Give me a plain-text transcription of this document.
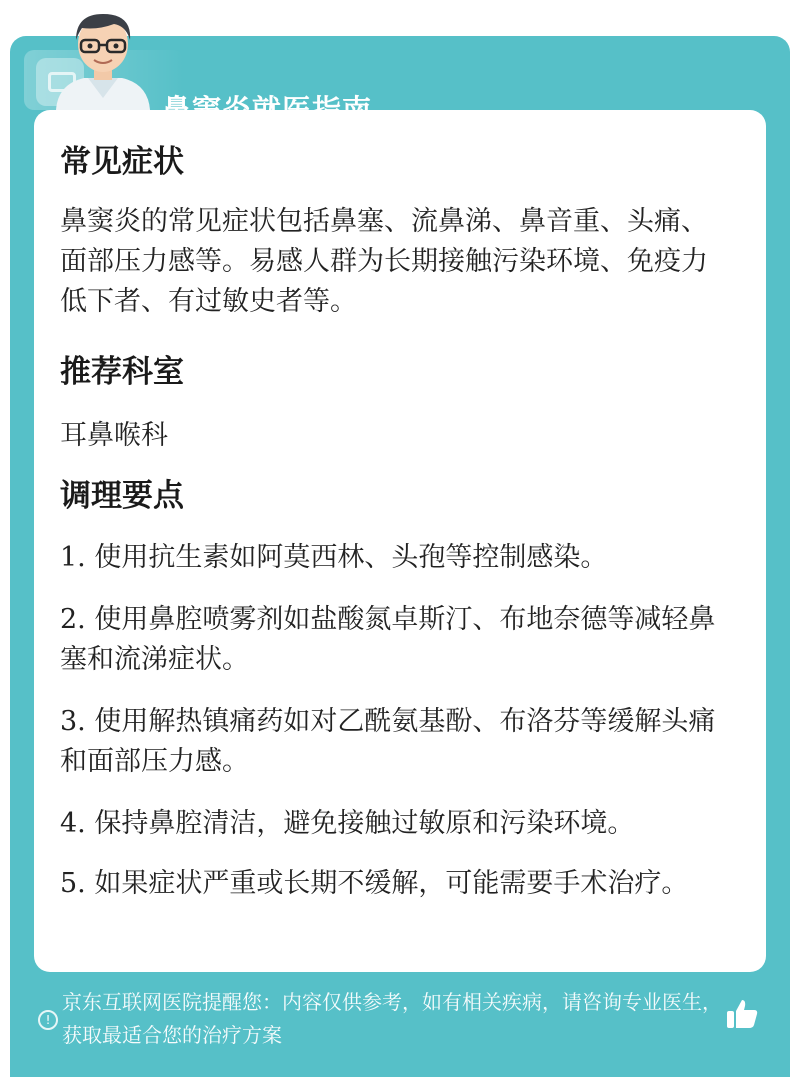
常见症状

鼻窦炎的常见症状包括鼻塞、流鼻涕、鼻音重、头痛、面部压力感等。易感人群为长期接触污染环境、免疫力低下者、有过敏史者等。

推荐科室

耳鼻喉科

调理要点

1. 使用抗生素如阿莫西林、头孢等控制感染。

2. 使用鼻腔喷雾剂如盐酸氮卓斯汀、布地奈德等减轻鼻塞和流涕症状。

3. 使用解热镇痛药如对乙酰氨基酚、布洛芬等缓解头痛和面部压力感。

4. 保持鼻腔清洁，避免接触过敏原和污染环境。

5. 如果症状严重或长期不缓解，可能需要手术治疗。

!
京东互联网医院提醒您：内容仅供参考，如有相关疾病，请咨询专业医生，获取最适合您的治疗方案
